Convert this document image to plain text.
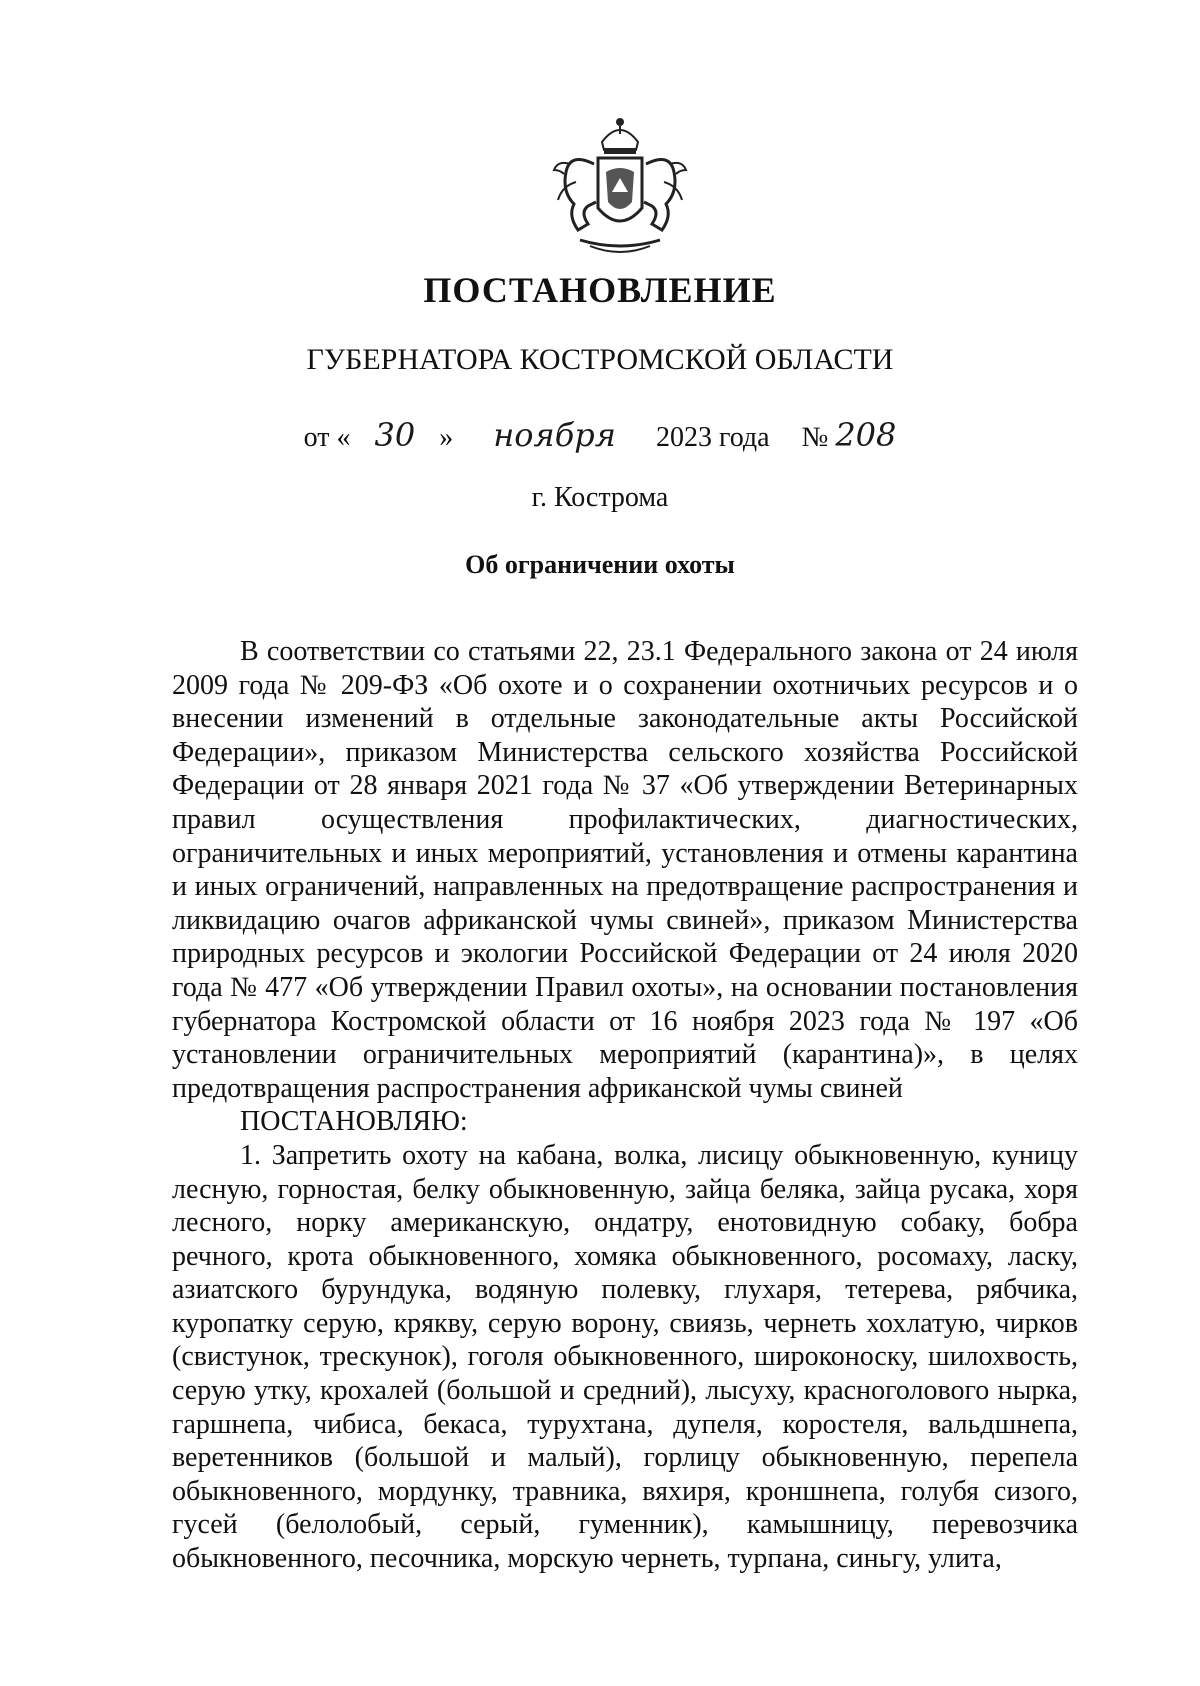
ПОСТАНОВЛЕНИЕ
ГУБЕРНАТОРА КОСТРОМСКОЙ ОБЛАСТИ
от « 30 » ноября 2023 года № 208
г. Кострома
Об ограничении охоты

В соответствии со статьями 22, 23.1 Федерального закона от 24 июля 2009 года № 209-ФЗ «Об охоте и о сохранении охотничьих ресурсов и о внесении изменений в отдельные законодательные акты Российской Федерации», приказом Министерства сельского хозяйства Российской Федерации от 28 января 2021 года № 37 «Об утверждении Ветеринарных правил осуществления профилактических, диагностических, ограничительных и иных мероприятий, установления и отмены карантина и иных ограничений, направленных на предотвращение распространения и ликвидацию очагов африканской чумы свиней», приказом Министерства природных ресурсов и экологии Российской Федерации от 24 июля 2020 года № 477 «Об утверждении Правил охоты», на основании постановления губернатора Костромской области от 16 ноября 2023 года № 197 «Об установлении ограничительных мероприятий (карантина)», в целях предотвращения распространения африканской чумы свиней

ПОСТАНОВЛЯЮ:

1. Запретить охоту на кабана, волка, лисицу обыкновенную, куницу лесную, горностая, белку обыкновенную, зайца беляка, зайца русака, хоря лесного, норку американскую, ондатру, енотовидную собаку, бобра речного, крота обыкновенного, хомяка обыкновенного, росомаху, ласку, азиатского бурундука, водяную полевку, глухаря, тетерева, рябчика, куропатку серую, крякву, серую ворону, свиязь, чернеть хохлатую, чирков (свистунок, трескунок), гоголя обыкновенного, широконоску, шилохвость, серую утку, крохалей (большой и средний), лысуху, красноголового нырка, гаршнепа, чибиса, бекаса, турухтана, дупеля, коростеля, вальдшнепа, веретенников (большой и малый), горлицу обыкновенную, перепела обыкновенного, мордунку, травника, вяхиря, кроншнепа, голубя сизого, гусей (белолобый, серый, гуменник), камышницу, перевозчика обыкновенного, песочника, морскую чернеть, турпана, синьгу, улита,
